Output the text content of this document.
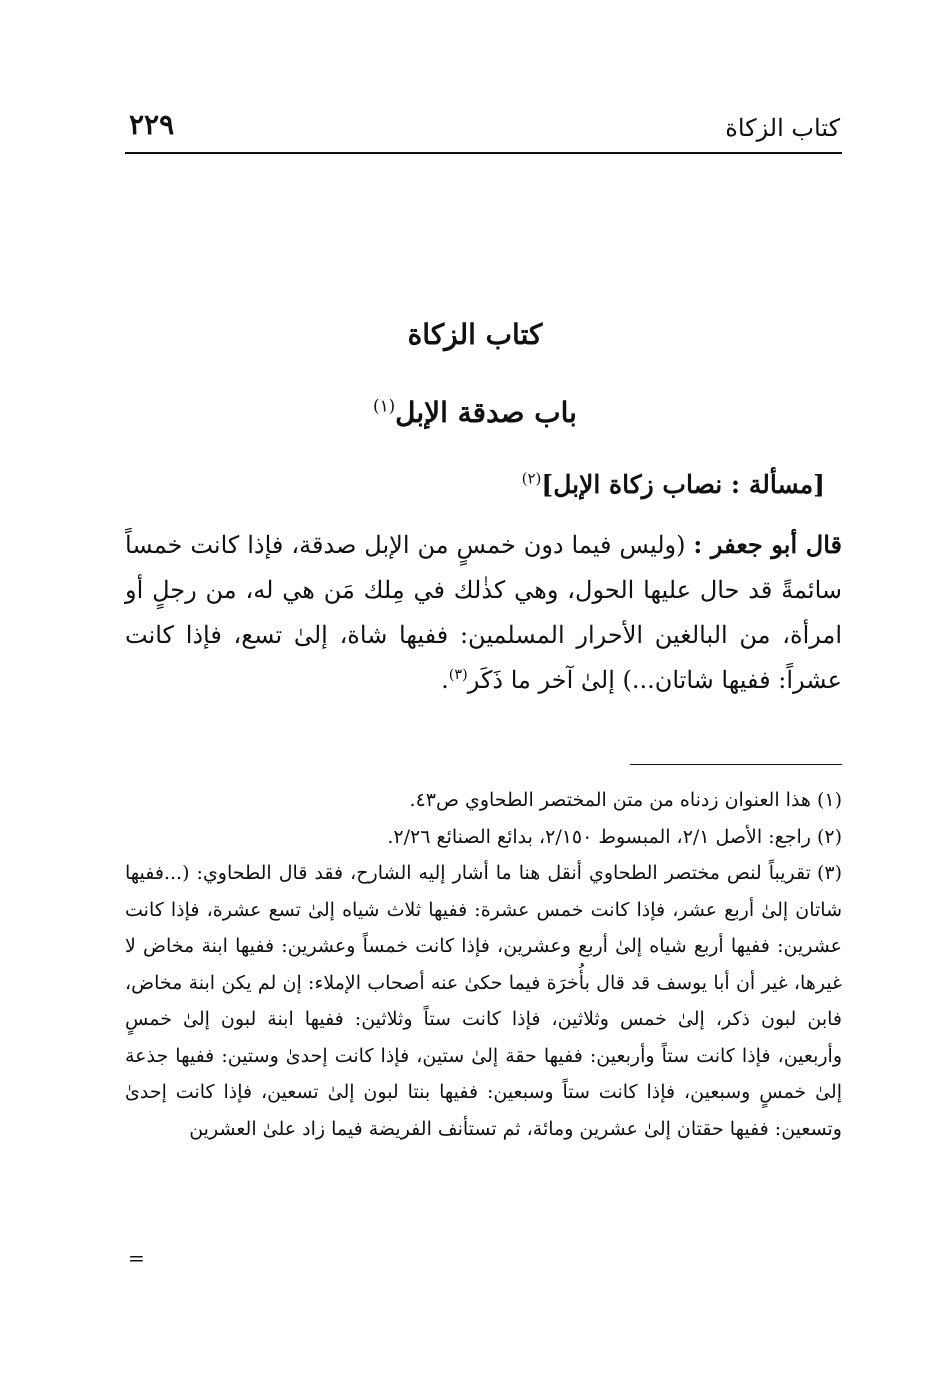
كتاب الزكاة
٢٢٩
كتاب الزكاة
باب صدقة الإبل$^{(١)}$
[مسألة : نصاب زكاة الإبل]$^{(٢)}$
قال أبو جعفر : (وليس فيما دون خمسٍ من الإبل صدقة، فإذا كانت خمساً سائمةً قد حال عليها الحول، وهي كذٰلك في مِلك مَن هي له، من رجلٍ أو امرأة، من البالغين الأحرار المسلمين: ففيها شاة، إلىٰ تسع، فإذا كانت عشراً: ففيها شاتان...) إلىٰ آخر ما ذَكَر$^{(٣)}$.

(١)هذا العنوان زدناه من متن المختصر الطحاوي ص٤٣.

(٢)راجع: الأصل ٢/١، المبسوط ٢/١٥٠، بدائع الصنائع ٢/٢٦.

(٣)تقريباً لنص مختصر الطحاوي أنقل هنا ما أشار إليه الشارح، فقد قال الطحاوي: (...ففيها شاتان إلىٰ أربع عشر، فإذا كانت خمس عشرة: ففيها ثلاث شياه إلىٰ تسع عشرة، فإذا كانت عشرين: ففيها أربع شياه إلىٰ أربع وعشرين، فإذا كانت خمساً وعشرين: ففيها ابنة مخاض لا غيرها، غير أن أبا يوسف قد قال بأُخرَة فيما حكىٰ عنه أصحاب الإملاء: إن لم يكن ابنة مخاض، فابن لبون ذكر، إلىٰ خمس وثلاثين، فإذا كانت ستاً وثلاثين: ففيها ابنة لبون إلىٰ خمسٍ وأربعين، فإذا كانت ستاً وأربعين: ففيها حقة إلىٰ ستين، فإذا كانت إحدىٰ وستين: ففيها جذعة إلىٰ خمسٍ وسبعين، فإذا كانت ستاً وسبعين: ففيها بنتا لبون إلىٰ تسعين، فإذا كانت إحدىٰ وتسعين: ففيها حقتان إلىٰ عشرين ومائة، ثم تستأنف الفريضة فيما زاد علىٰ العشرين

=
